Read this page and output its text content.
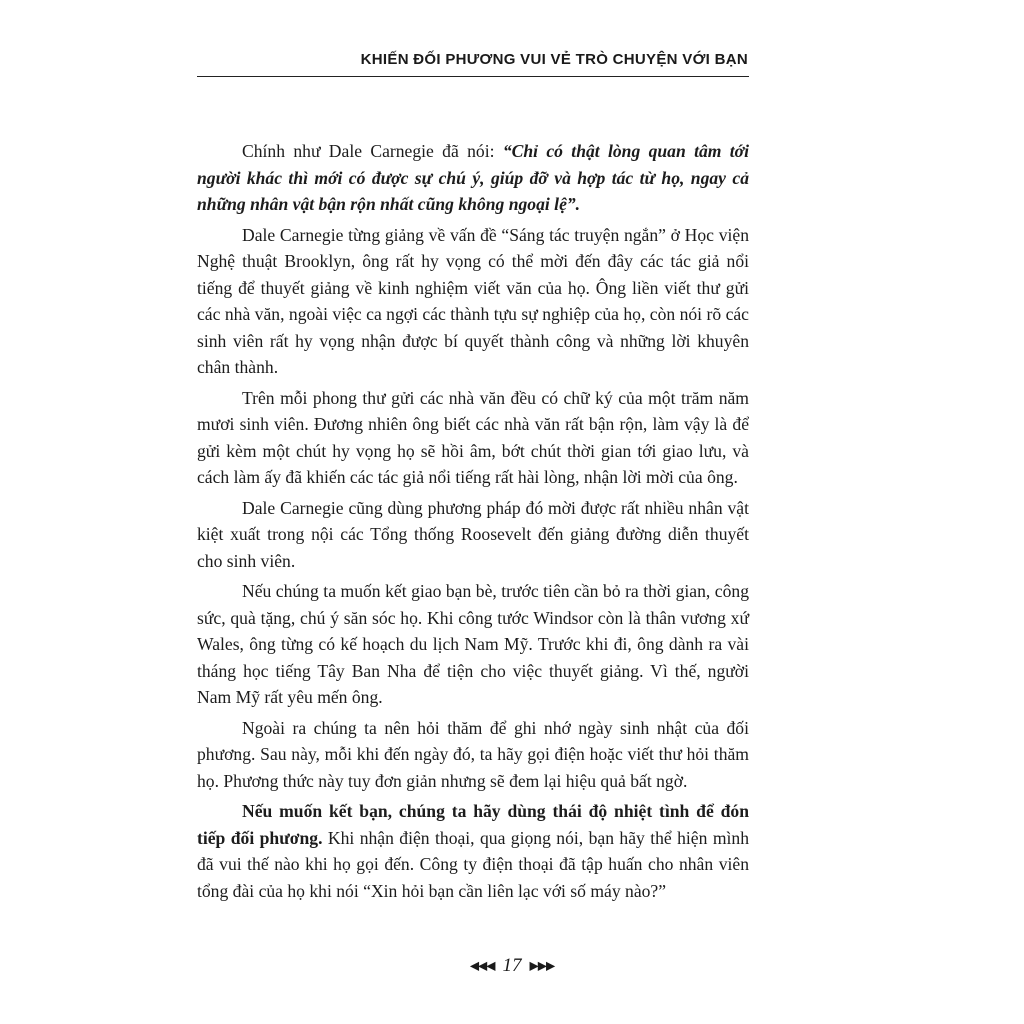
KHIẾN ĐỐI PHƯƠNG VUI VẺ TRÒ CHUYỆN VỚI BẠN

Chính như Dale Carnegie đã nói: “Chỉ có thật lòng quan tâm tới người khác thì mới có được sự chú ý, giúp đỡ và hợp tác từ họ, ngay cả những nhân vật bận rộn nhất cũng không ngoại lệ”.

Dale Carnegie từng giảng về vấn đề “Sáng tác truyện ngắn” ở Học viện Nghệ thuật Brooklyn, ông rất hy vọng có thể mời đến đây các tác giả nổi tiếng để thuyết giảng về kinh nghiệm viết văn của họ. Ông liền viết thư gửi các nhà văn, ngoài việc ca ngợi các thành tựu sự nghiệp của họ, còn nói rõ các sinh viên rất hy vọng nhận được bí quyết thành công và những lời khuyên chân thành.

Trên mỗi phong thư gửi các nhà văn đều có chữ ký của một trăm năm mươi sinh viên. Đương nhiên ông biết các nhà văn rất bận rộn, làm vậy là để gửi kèm một chút hy vọng họ sẽ hồi âm, bớt chút thời gian tới giao lưu, và cách làm ấy đã khiến các tác giả nổi tiếng rất hài lòng, nhận lời mời của ông.

Dale Carnegie cũng dùng phương pháp đó mời được rất nhiều nhân vật kiệt xuất trong nội các Tổng thống Roosevelt đến giảng đường diễn thuyết cho sinh viên.

Nếu chúng ta muốn kết giao bạn bè, trước tiên cần bỏ ra thời gian, công sức, quà tặng, chú ý săn sóc họ. Khi công tước Windsor còn là thân vương xứ Wales, ông từng có kế hoạch du lịch Nam Mỹ. Trước khi đi, ông dành ra vài tháng học tiếng Tây Ban Nha để tiện cho việc thuyết giảng. Vì thế, người Nam Mỹ rất yêu mến ông.

Ngoài ra chúng ta nên hỏi thăm để ghi nhớ ngày sinh nhật của đối phương. Sau này, mỗi khi đến ngày đó, ta hãy gọi điện hoặc viết thư hỏi thăm họ. Phương thức này tuy đơn giản nhưng sẽ đem lại hiệu quả bất ngờ.

Nếu muốn kết bạn, chúng ta hãy dùng thái độ nhiệt tình để đón tiếp đối phương. Khi nhận điện thoại, qua giọng nói, bạn hãy thể hiện mình đã vui thế nào khi họ gọi đến. Công ty điện thoại đã tập huấn cho nhân viên tổng đài của họ khi nói “Xin hỏi bạn cần liên lạc với số máy nào?”

◀◀◀ 17 ▶▶▶
